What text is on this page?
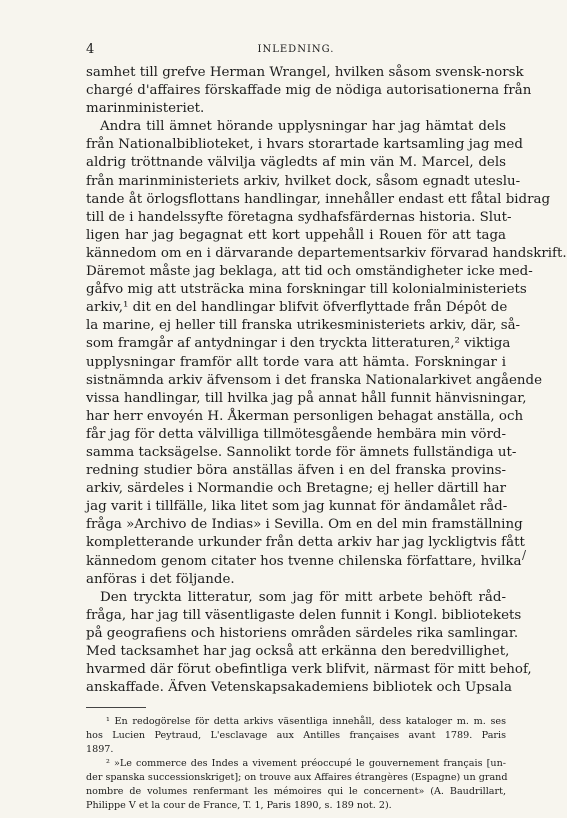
4	INLEDNING.
samhet till grefve Herman Wrangel, hvilken såsom svensk-norsk
chargé d'affaires förskaffade mig de nödiga autorisationerna från
marinministeriet.
Andra till ämnet hörande upplysningar har jag hämtat dels
från Nationalbiblioteket, i hvars storartade kartsamling jag med
aldrig tröttnande välvilja vägledts af min vän M. Marcel, dels
från marinministeriets arkiv, hvilket dock, såsom egnadt uteslu-
tande åt örlogsflottans handlingar, innehåller endast ett fåtal bidrag
till de i handelssyfte företagna sydhafsfärdernas historia. Slut-
ligen har jag begagnat ett kort uppehåll i Rouen för att taga
kännedom om en i därvarande departementsarkiv förvarad handskrift.
Däremot måste jag beklaga, att tid och omständigheter icke med-
gåfvo mig att utsträcka mina forskningar till kolonialministeriets
arkiv,¹ dit en del handlingar blifvit öfverflyttade från Dépôt de
la marine, ej heller till franska utrikesministeriets arkiv, där, så-
som framgår af antydningar i den tryckta litteraturen,² viktiga
upplysningar framför allt torde vara att hämta. Forskningar i
sistnämnda arkiv äfvensom i det franska Nationalarkivet angående
vissa handlingar, till hvilka jag på annat håll funnit hänvisningar,
har herr envoyén H. Åkerman personligen behagat anställa, och
får jag för detta välvilliga tillmötesgående hembära min vörd-
samma tacksägelse. Sannolikt torde för ämnets fullständiga ut-
redning studier böra anställas äfven i en del franska provins-
arkiv, särdeles i Normandie och Bretagne; ej heller därtill har
jag varit i tillfälle, lika litet som jag kunnat för ändamålet råd-
fråga »Archivo de Indias» i Sevilla. Om en del min framställning
kompletterande urkunder från detta arkiv har jag lyckligtvis fått
kännedom genom citater hos tvenne chilenska författare, hvilka
anföras i det följande.
Den tryckta litteratur, som jag för mitt arbete behöft råd-
fråga, har jag till väsentligaste delen funnit i Kongl. bibliotekets
på geografiens och historiens områden särdeles rika samlingar.
Med tacksamhet har jag också att erkänna den beredvillighet,
hvarmed där förut obefintliga verk blifvit, närmast för mitt behof,
anskaffade. Äfven Vetenskapsakademiens bibliotek och Upsala
¹ En redogörelse för detta arkivs väsentliga innehåll, dess kataloger m. m. ses
hos Lucien Peytraud, L'esclavage aux Antilles françaises avant 1789. Paris
1897.
² »Le commerce des Indes a vivement préoccupé le gouvernement français [un-
der spanska successionskriget]; on trouve aux Affaires étrangères (Espagne) un grand
nombre de volumes renfermant les mémoires qui le concernent» (A. Baudrillart,
Philippe V et la cour de France, T. 1, Paris 1890, s. 189 not. 2).
/
